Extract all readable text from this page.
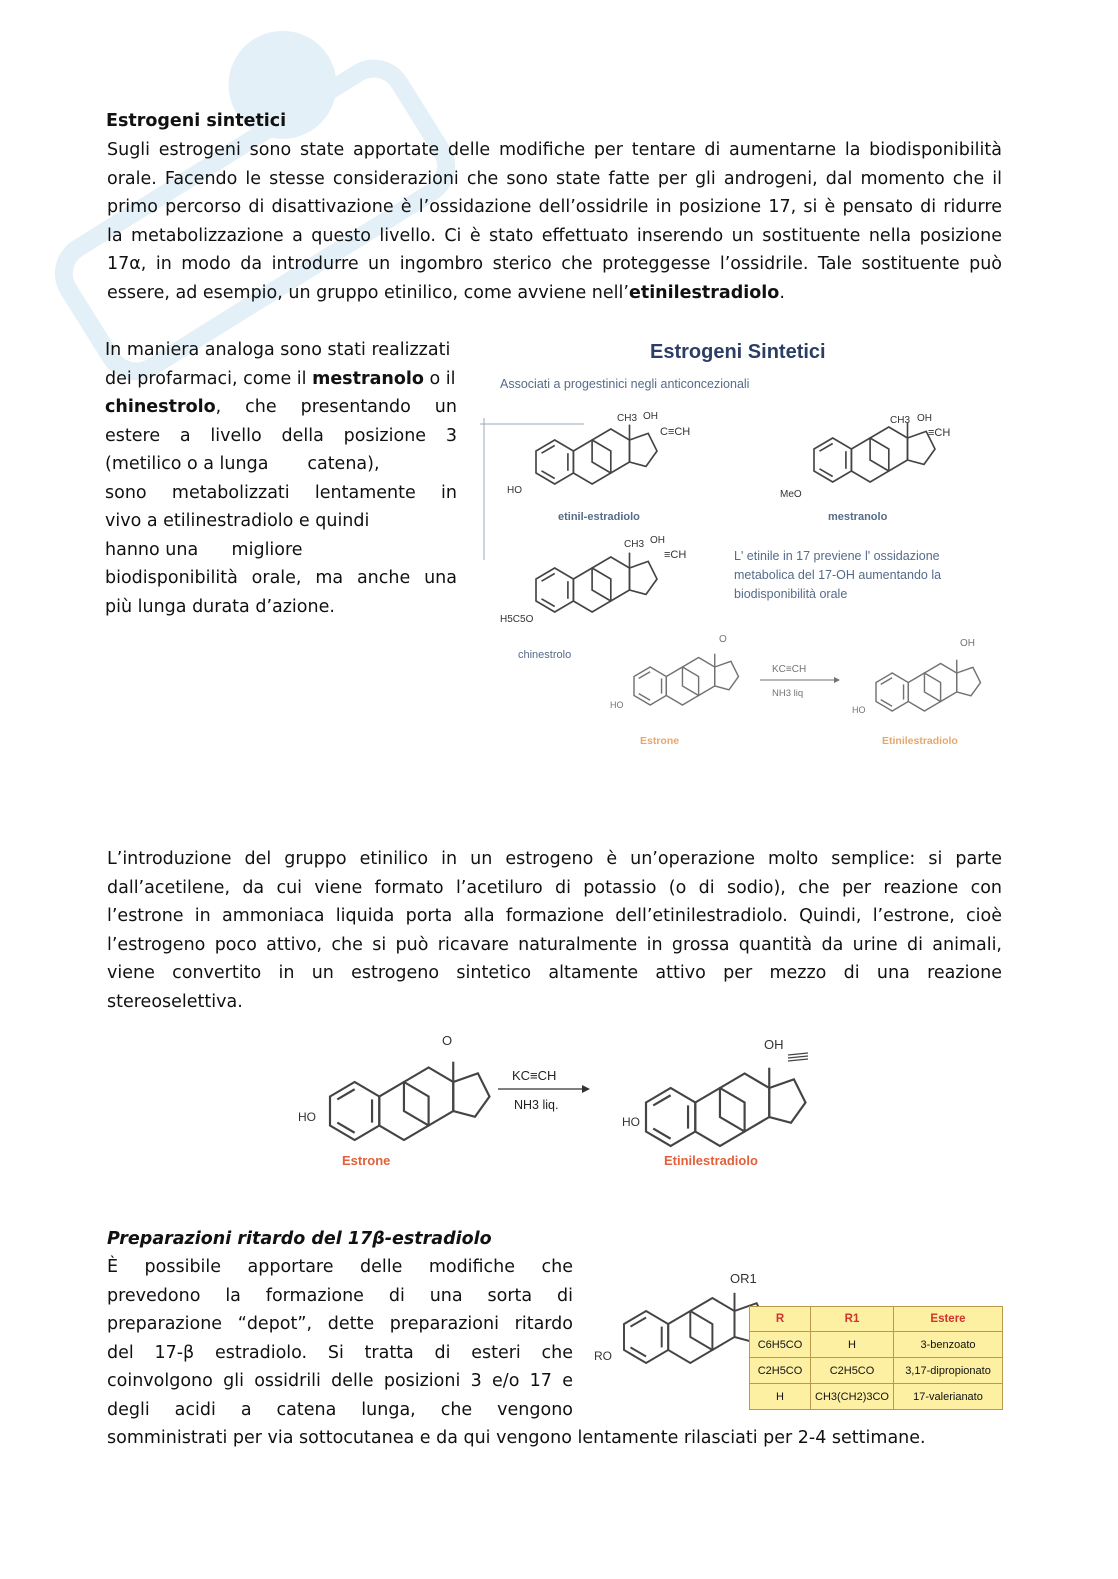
Estrogeni sintetici
Sugli estrogeni sono state apportate delle modifiche per tentare di aumentarne la biodisponibilità
orale. Facendo le stesse considerazioni che sono state fatte per gli androgeni, dal momento che il
primo percorso di disattivazione è l’ossidazione dell’ossidrile in posizione 17, si è pensato di ridurre
la metabolizzazione a questo livello. Ci è stato effettuato inserendo un sostituente nella posizione
17α, in modo da introdurre un ingombro sterico che proteggesse l’ossidrile. Tale sostituente può
essere, ad esempio, un gruppo etinilico, come avviene nell’etinilestradiolo.
In maniera analoga sono stati realizzati
dei profarmaci, come il mestranolo o il
chinestrolo, che presentando un
estere a livello della posizione 3
(metilico o a lunga       catena),
sono metabolizzati lentamente in
vivo a etilinestradiolo e quindi
hanno una      migliore
biodisponibilità orale, ma anche una
più lunga durata d’azione.
Estrogeni Sintetici
Associati a progestinici negli anticoncezionali
CH3 OH
C≡CH
HO
etinil-estradiolo
CH3 OH
≡CH
MeO
mestranolo
CH3 OH
≡CH
H5C5O
chinestrolo
L' etinile in 17 previene l' ossidazione
metabolica del 17-OH aumentando la
biodisponibilità orale
O
HO
Estrone
KC≡CH
NH3 liq
OH
HO
Etinilestradiolo
L’introduzione del gruppo etinilico in un estrogeno è un’operazione molto semplice: si parte
dall’acetilene, da cui viene formato l’acetiluro di potassio (o di sodio), che per reazione con
l’estrone in ammoniaca liquida porta alla formazione dell’etinilestradiolo. Quindi, l’estrone, cioè
l’estrogeno poco attivo, che si può ricavare naturalmente in grossa quantità da urine di animali,
viene convertito in un estrogeno sintetico altamente attivo per mezzo di una reazione
stereoselettiva.
O
HO
Estrone
KC≡CH
NH3 liq.
OH
HO
Etinilestradiolo
Preparazioni ritardo del 17β-estradiolo
È possibile apportare delle modifiche che
prevedono la formazione di una sorta di
preparazione “depot”, dette preparazioni ritardo
del 17-β estradiolo. Si tratta di esteri che
coinvolgono gli ossidrili delle posizioni 3 e/o 17 e
degli acidi a catena lunga, che vengono
somministrati per via sottocutanea e da qui vengono lentamente rilasciati per 2-4 settimane.
OR1
RO
R	R1	Estere
C6H5CO	H	3-benzoato
C2H5CO	C2H5CO	3,17-dipropionato
H	CH3(CH2)3CO	17-valerianato
